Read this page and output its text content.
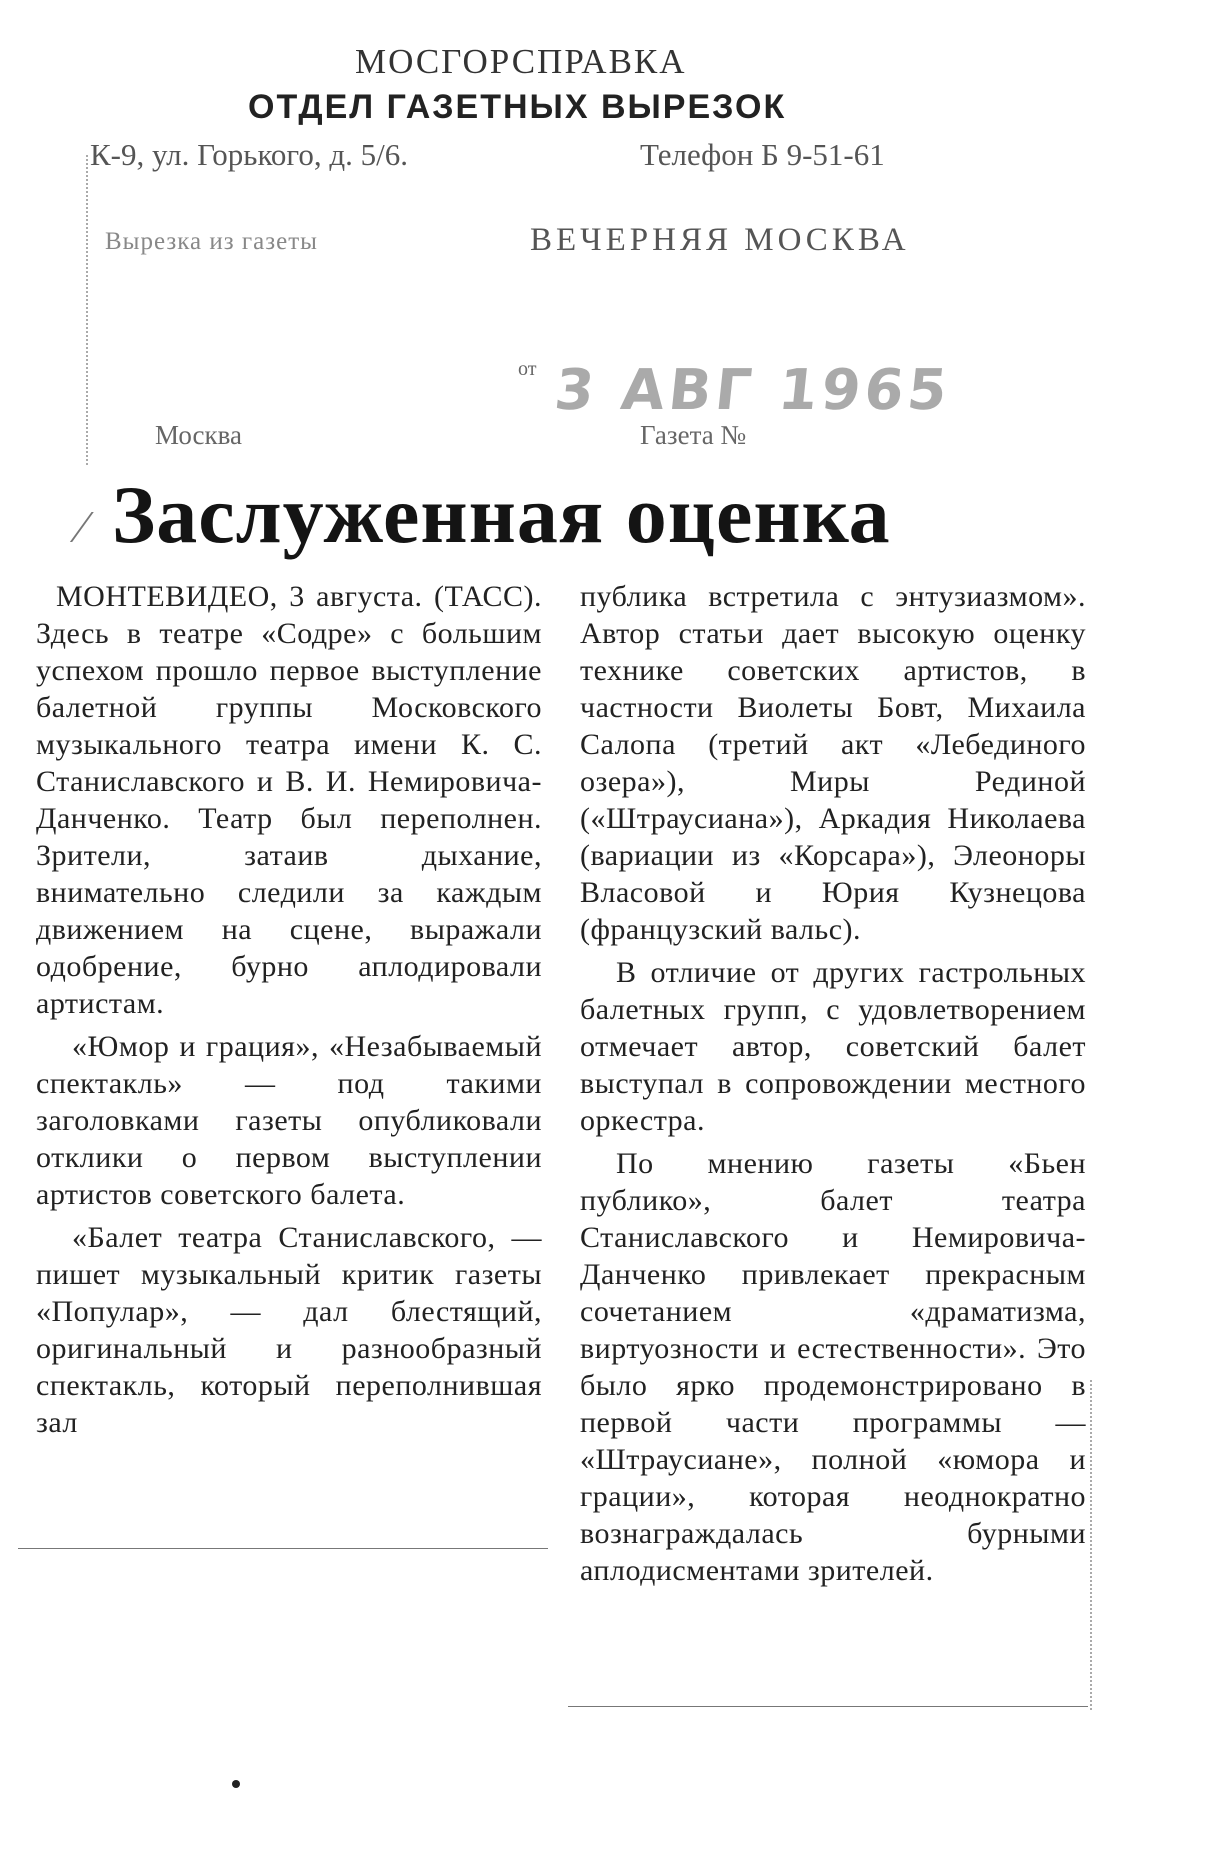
МОСГОРСПРАВКА
ОТДЕЛ ГАЗЕТНЫХ ВЫРЕЗОК
К-9, ул. Горького, д. 5/6.	Телефон Б 9-51-61
Вырезка из газеты	ВЕЧЕРНЯЯ МОСКВА
от 3 АВГ 1965
Москва	Газета №
⁄ Заслуженная оценка

МОНТЕВИДЕО, 3 августа. (ТАСС). Здесь в театре «Содре» с большим успехом прошло первое выступление балетной группы Московского музыкального театра имени К. С. Станиславского и В. И. Немировича-Данченко. Театр был переполнен. Зрители, затаив дыхание, внимательно следили за каждым движением на сцене, выражали одобрение, бурно аплодировали артистам.

«Юмор и грация», «Незабываемый спектакль» — под такими заголовками газеты опубликовали отклики о первом выступлении артистов советского балета.

«Балет театра Станиславского, — пишет музыкальный критик газеты «Популар», — дал блестящий, оригинальный и разнообразный спектакль, который переполнившая зал

публика встретила с энтузиазмом». Автор статьи дает высокую оценку технике советских артистов, в частности Виолеты Бовт, Михаила Салопа (третий акт «Лебединого озера»), Миры Рединой («Штраусиана»), Аркадия Николаева (вариации из «Корсара»), Элеоноры Власовой и Юрия Кузнецова (французский вальс).

В отличие от других гастрольных балетных групп, с удовлетворением отмечает автор, советский балет выступал в сопровождении местного оркестра.

По мнению газеты «Бьен публико», балет театра Станиславского и Немировича-Данченко привлекает прекрасным сочетанием «драматизма, виртуозности и естественности». Это было ярко продемонстрировано в первой части программы — «Штраусиане», полной «юмора и грации», которая неоднократно вознаграждалась бурными аплодисментами зрителей.
